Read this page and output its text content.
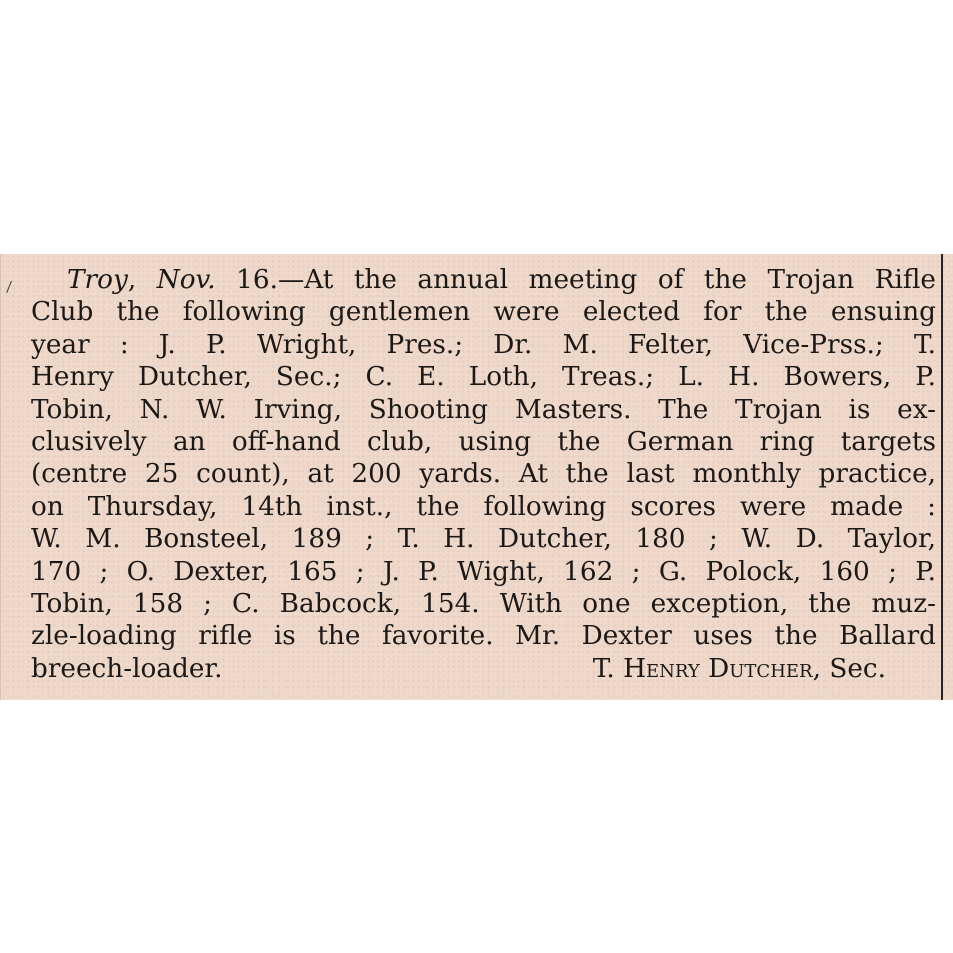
Troy, Nov. 16.—At the annual meeting of the Trojan Rifle
Club the following gentlemen were elected for the ensuing
year : J. P. Wright, Pres.; Dr. M. Felter, Vice-Prss.; T.
Henry Dutcher, Sec.; C. E. Loth, Treas.; L. H. Bowers, P.
Tobin, N. W. Irving, Shooting Masters. The Trojan is ex-
clusively an off-hand club, using the German ring targets
(centre 25 count), at 200 yards. At the last monthly practice,
on Thursday, 14th inst., the following scores were made :
W. M. Bonsteel, 189 ; T. H. Dutcher, 180 ; W. D. Taylor,
170 ; O. Dexter, 165 ; J. P. Wight, 162 ; G. Polock, 160 ; P.
Tobin, 158 ; C. Babcock, 154. With one exception, the muz-
zle-loading rifle is the favorite. Mr. Dexter uses the Ballard
breech-loader.	T. Henry Dutcher, Sec.
